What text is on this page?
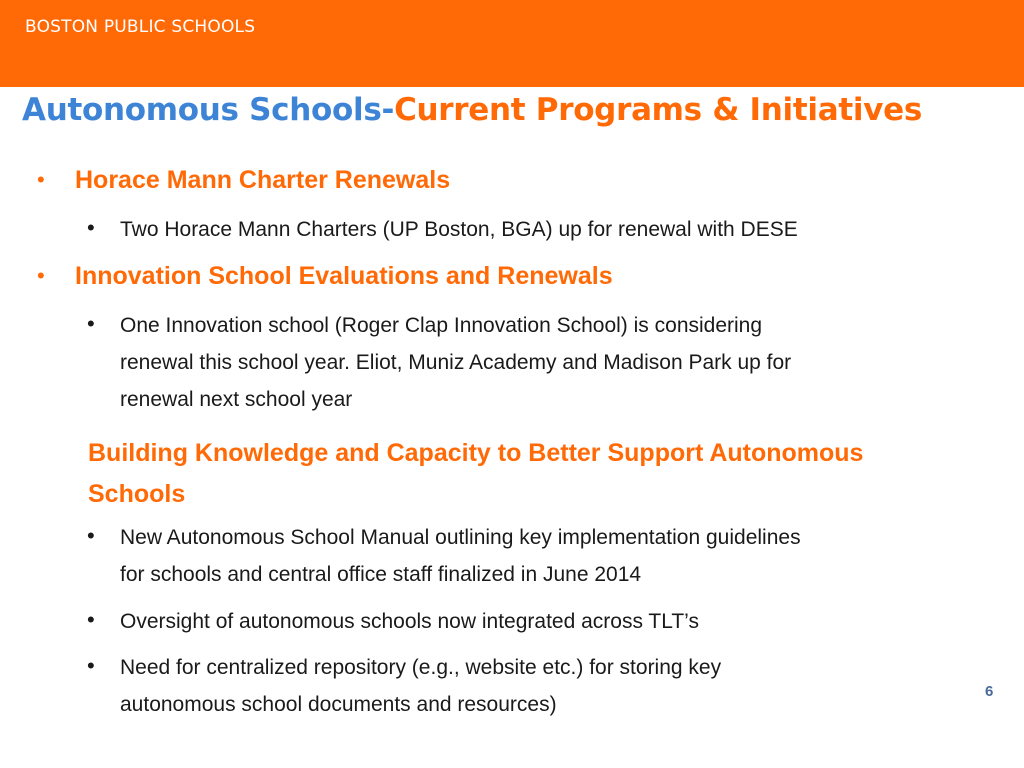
BOSTON PUBLIC SCHOOLS
Autonomous Schools-Current Programs & Initiatives
• Horace Mann Charter Renewals
• Two Horace Mann Charters (UP Boston, BGA) up for renewal with DESE
• Innovation School Evaluations and Renewals
• One Innovation school (Roger Clap Innovation School) is considering
renewal this school year. Eliot, Muniz Academy and Madison Park up for
renewal next school year
Building Knowledge and Capacity to Better Support Autonomous
Schools
• New Autonomous School Manual outlining key implementation guidelines
for schools and central office staff finalized in June 2014
• Oversight of autonomous schools now integrated across TLT’s
• Need for centralized repository (e.g., website etc.) for storing key
autonomous school documents and resources)
6
